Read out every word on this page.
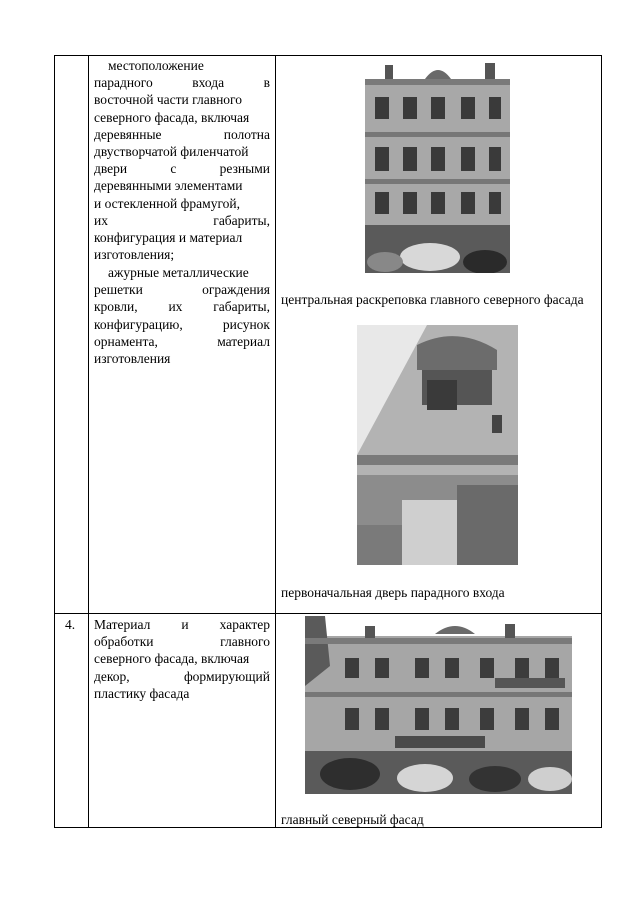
местоположение
парадного	входа	в
восточной части главного
северного фасада, включая
деревянные	полотна
двустворчатой филенчатой
двери	с	резными
деревянными элементами
и остекленной фрамугой,
их	габариты,
конфигурация и материал
изготовления;
ажурные металлические
решетки	ограждения
кровли, их габариты,
конфигурацию,	рисунок
орнамента,	материал
изготовления
центральная раскреповка главного северного фасада
первоначальная дверь парадного входа
4. Материал и характер
обработки	главного
северного фасада, включая
декор,	формирующий
пластику фасада
главный северный фасад
